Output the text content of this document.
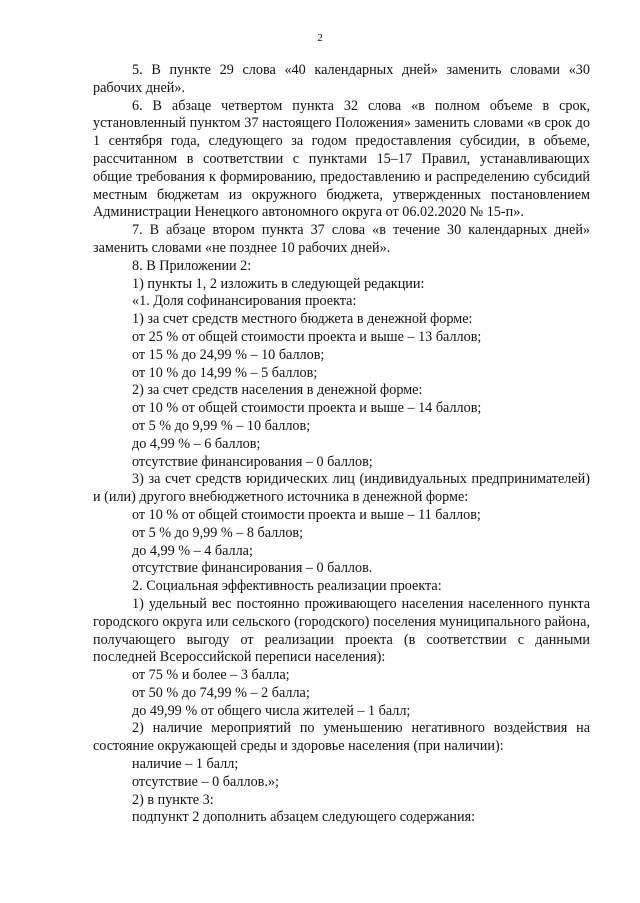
2

5. В пункте 29 слова «40 календарных дней» заменить словами «30 рабочих дней».

6. В абзаце четвертом пункта 32 слова «в полном объеме в срок, установленный пунктом 37 настоящего Положения» заменить словами «в срок до 1 сентября года, следующего за годом предоставления субсидии, в объеме, рассчитанном в соответствии с пунктами 15–17 Правил, устанавливающих общие требования к формированию, предоставлению и распределению субсидий местным бюджетам из окружного бюджета, утвержденных постановлением Администрации Ненецкого автономного округа от 06.02.2020 № 15-п».

7. В абзаце втором пункта 37 слова «в течение 30 календарных дней» заменить словами «не позднее 10 рабочих дней».

8. В Приложении 2:

1) пункты 1, 2 изложить в следующей редакции:

«1. Доля софинансирования проекта:

1) за счет средств местного бюджета в денежной форме:

от 25 % от общей стоимости проекта и выше – 13 баллов;

от 15 % до 24,99 % – 10 баллов;

от 10 % до 14,99 % – 5 баллов;

2) за счет средств населения в денежной форме:

от 10 % от общей стоимости проекта и выше – 14 баллов;

от 5 % до 9,99 % – 10 баллов;

до 4,99 % – 6 баллов;

отсутствие финансирования – 0 баллов;

3) за счет средств юридических лиц (индивидуальных предпринимателей) и (или) другого внебюджетного источника в денежной форме:

от 10 % от общей стоимости проекта и выше – 11 баллов;

от 5 % до 9,99 % – 8 баллов;

до 4,99 % – 4 балла;

отсутствие финансирования – 0 баллов.

2. Социальная эффективность реализации проекта:

1) удельный вес постоянно проживающего населения населенного пункта городского округа или сельского (городского) поселения муниципального района, получающего выгоду от реализации проекта (в соответствии с данными последней Всероссийской переписи населения):

от 75 % и более – 3 балла;

от 50 % до 74,99 % – 2 балла;

до 49,99 % от общего числа жителей – 1 балл;

2) наличие мероприятий по уменьшению негативного воздействия на состояние окружающей среды и здоровье населения (при наличии):

наличие – 1 балл;

отсутствие – 0 баллов.»;

2) в пункте 3:

подпункт 2 дополнить абзацем следующего содержания:
